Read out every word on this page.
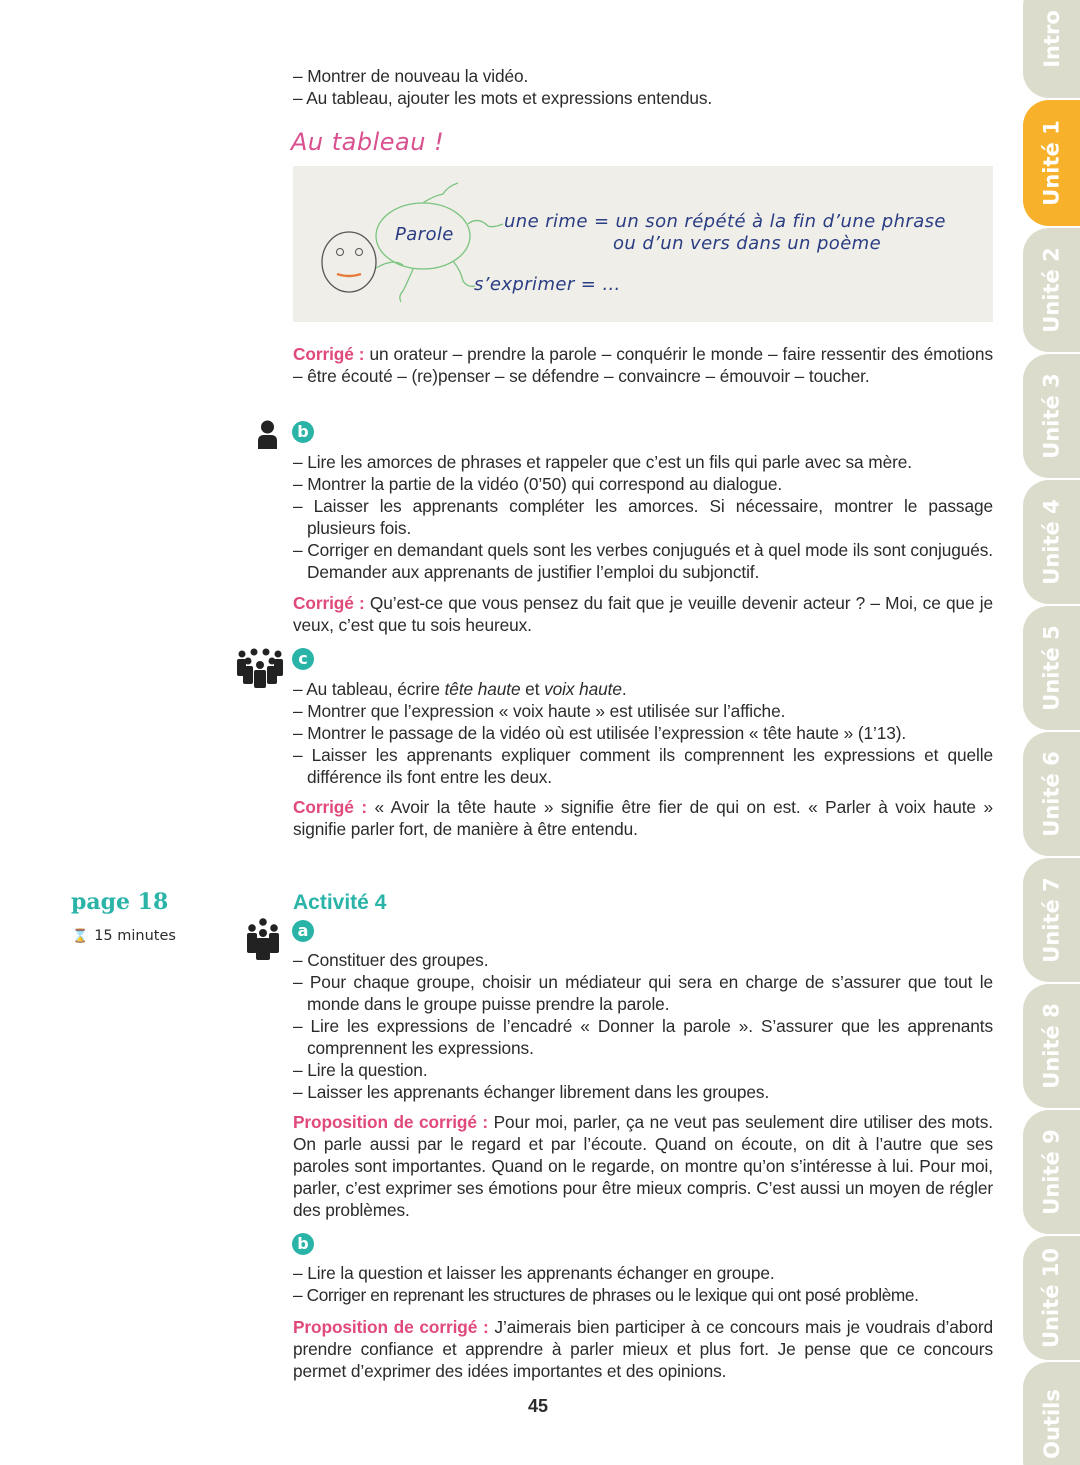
– Montrer de nouveau la vidéo.
– Au tableau, ajouter les mots et expressions entendus.
Au tableau !
Parole
une rime = un son répété à la fin d’une phrase
ou d’un vers dans un poème
s’exprimer = …
Corrigé : un orateur – prendre la parole – conquérir le monde – faire ressentir des émotions – être écouté – (re)penser – se défendre – convaincre – émouvoir – toucher.
b
– Lire les amorces de phrases et rappeler que c’est un fils qui parle avec sa mère.
– Montrer la partie de la vidéo (0’50) qui correspond au dialogue.
– Laisser les apprenants compléter les amorces. Si nécessaire, montrer le passage plusieurs fois.
– Corriger en demandant quels sont les verbes conjugués et à quel mode ils sont conjugués. Demander aux apprenants de justifier l’emploi du subjonctif.
Corrigé : Qu’est-ce que vous pensez du fait que je veuille devenir acteur ? – Moi, ce que je veux, c’est que tu sois heureux.
c
– Au tableau, écrire tête haute et voix haute.
– Montrer que l’expression « voix haute » est utilisée sur l’affiche.
– Montrer le passage de la vidéo où est utilisée l’expression « tête haute » (1’13).
– Laisser les apprenants expliquer comment ils comprennent les expressions et quelle différence ils font entre les deux.
Corrigé : « Avoir la tête haute » signifie être fier de qui on est. « Parler à voix haute » signifie parler fort, de manière à être entendu.
page 18
⌛ 15 minutes
Activité 4
a
– Constituer des groupes.
– Pour chaque groupe, choisir un médiateur qui sera en charge de s’assurer que tout le monde dans le groupe puisse prendre la parole.
– Lire les expressions de l’encadré « Donner la parole ». S’assurer que les apprenants comprennent les expressions.
– Lire la question.
– Laisser les apprenants échanger librement dans les groupes.
Proposition de corrigé : Pour moi, parler, ça ne veut pas seulement dire utiliser des mots. On parle aussi par le regard et par l’écoute. Quand on écoute, on dit à l’autre que ses paroles sont importantes. Quand on le regarde, on montre qu’on s’intéresse à lui. Pour moi, parler, c’est exprimer ses émotions pour être mieux compris. C’est aussi un moyen de régler des problèmes.
b
– Lire la question et laisser les apprenants échanger en groupe.
– Corriger en reprenant les structures de phrases ou le lexique qui ont posé problème.
Proposition de corrigé : J’aimerais bien participer à ce concours mais je voudrais d’abord prendre confiance et apprendre à parler mieux et plus fort. Je pense que ce concours permet d’exprimer des idées importantes et des opinions.
45
Intro
Unité 1
Unité 2
Unité 3
Unité 4
Unité 5
Unité 6
Unité 7
Unité 8
Unité 9
Unité 10
Outils
